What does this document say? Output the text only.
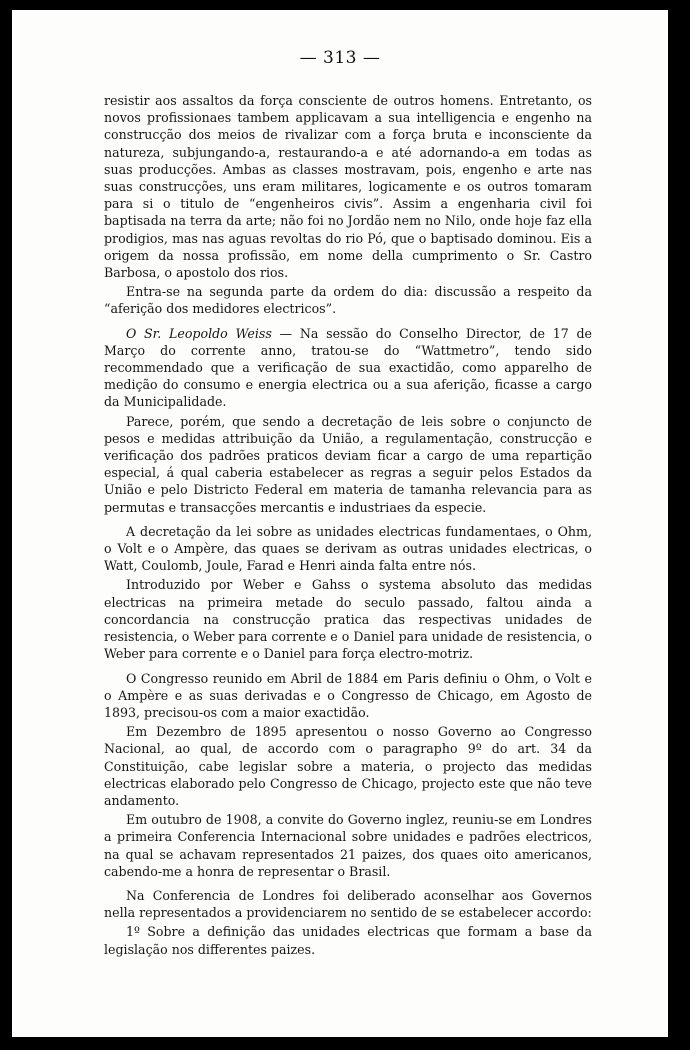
— 313 —

resistir aos assaltos da força consciente de outros homens. Entretanto, os novos profissionaes tambem applicavam a sua intelligencia e engenho na construcção dos meios de rivalizar com a força bruta e inconsciente da natureza, subjungando-a, restaurando-a e até adornando-a em todas as suas producções. Ambas as classes mostravam, pois, engenho e arte nas suas construcções, uns eram militares, logicamente e os outros tomaram para si o titulo de “engenheiros civis”. Assim a engenharia civil foi baptisada na terra da arte; não foi no Jordão nem no Nilo, onde hoje faz ella prodigios, mas nas aguas revoltas do rio Pó, que o baptisado dominou. Eis a origem da nossa profissão, em nome della cumprimento o Sr. Castro Barbosa, o apostolo dos rios.

Entra-se na segunda parte da ordem do dia: discussão a respeito da “aferição dos medidores electricos”.

O Sr. Leopoldo Weiss — Na sessão do Conselho Director, de 17 de Março do corrente anno, tratou-se do “Wattmetro”, tendo sido recommendado que a verificação de sua exactidão, como apparelho de medição do consumo e energia electrica ou a sua aferição, ficasse a cargo da Municipalidade.

Parece, porém, que sendo a decretação de leis sobre o conjuncto de pesos e medidas attribuição da União, a regulamentação, construcção e verificação dos padrões praticos deviam ficar a cargo de uma repartição especial, á qual caberia estabelecer as regras a seguir pelos Estados da União e pelo Districto Federal em materia de tamanha relevancia para as permutas e transacções mercantis e industriaes da especie.

A decretação da lei sobre as unidades electricas fundamentaes, o Ohm, o Volt e o Ampère, das quaes se derivam as outras unidades electricas, o Watt, Coulomb, Joule, Farad e Henri ainda falta entre nós.

Introduzido por Weber e Gahss o systema absoluto das medidas electricas na primeira metade do seculo passado, faltou ainda a concordancia na construcção pratica das respectivas unidades de resistencia, o Weber para corrente e o Daniel para unidade de resistencia, o Weber para corrente e o Daniel para força electro-motriz.

O Congresso reunido em Abril de 1884 em Paris definiu o Ohm, o Volt e o Ampère e as suas derivadas e o Congresso de Chicago, em Agosto de 1893, precisou-os com a maior exactidão.

Em Dezembro de 1895 apresentou o nosso Governo ao Congresso Nacional, ao qual, de accordo com o paragrapho 9º do art. 34 da Constituição, cabe legislar sobre a materia, o projecto das medidas electricas elaborado pelo Congresso de Chicago, projecto este que não teve andamento.

Em outubro de 1908, a convite do Governo inglez, reuniu-se em Londres a primeira Conferencia Internacional sobre unidades e padrões electricos, na qual se achavam representados 21 paizes, dos quaes oito americanos, cabendo-me a honra de representar o Brasil.

Na Conferencia de Londres foi deliberado aconselhar aos Governos nella representados a providenciarem no sentido de se estabelecer accordo:

1º Sobre a definição das unidades electricas que formam a base da legislação nos differentes paizes.
